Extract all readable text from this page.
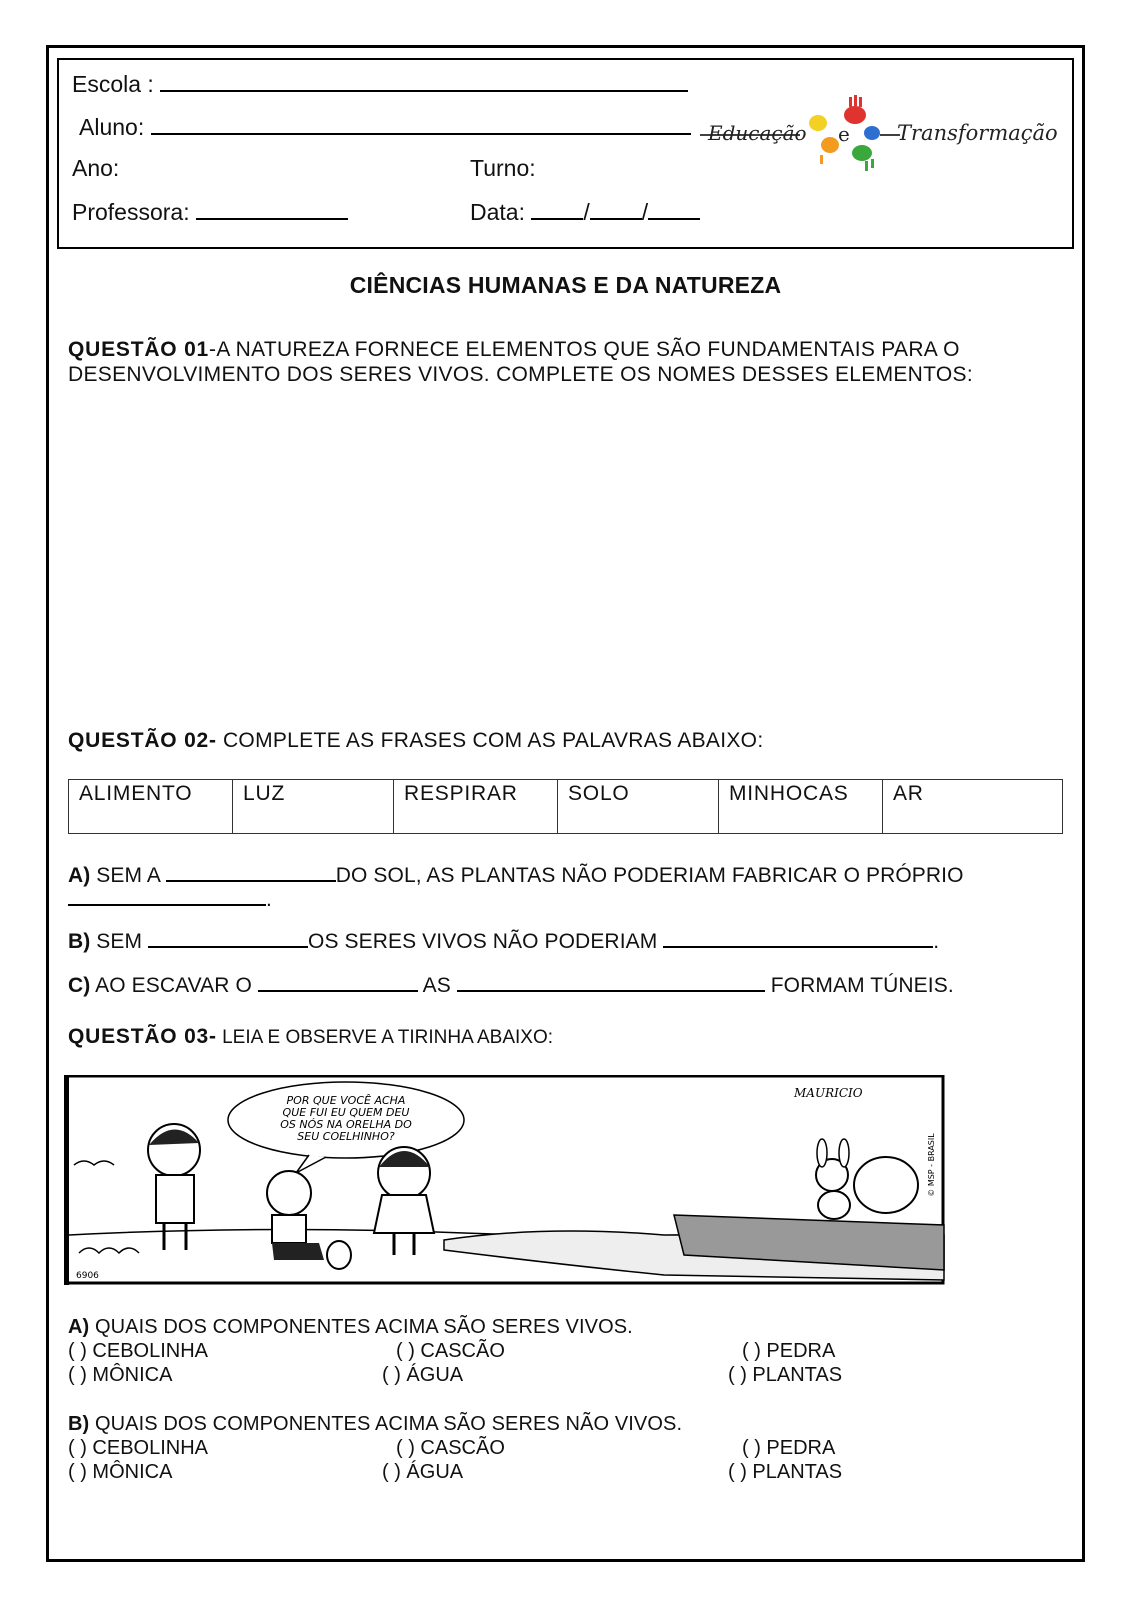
Escola :
Aluno:
Ano:	Turno:
Professora:	Data:	/ /
Educação e Transformação
CIÊNCIAS HUMANAS E DA NATUREZA
QUESTÃO 01-A NATUREZA FORNECE ELEMENTOS QUE SÃO FUNDAMENTAIS PARA O DESENVOLVIMENTO DOS SERES VIVOS. COMPLETE OS NOMES DESSES ELEMENTOS:
QUESTÃO 02- COMPLETE AS FRASES COM AS PALAVRAS ABAIXO:
ALIMENTO	LUZ	RESPIRAR	SOLO	MINHOCAS	AR
A) SEM A	DO SOL, AS PLANTAS NÃO PODERIAM FABRICAR O PRÓPRIO
.
B) SEM	OS SERES VIVOS NÃO PODERIAM	.
C) AO ESCAVAR O	AS	FORMAM TÚNEIS.
QUESTÃO 03- LEIA E OBSERVE A TIRINHA ABAIXO:
POR QUE VOCÊ ACHA
QUE FUI EU QUEM DEU
OS NÓS NA ORELHA DO
SEU COELHINHO?
MAURICIO
6906
© MSP - BRASIL
A) QUAIS DOS COMPONENTES ACIMA SÃO SERES VIVOS.
( ) CEBOLINHA	( ) CASCÃO	( ) PEDRA
( ) MÔNICA	( ) ÁGUA	( ) PLANTAS
B) QUAIS DOS COMPONENTES ACIMA SÃO SERES NÃO VIVOS.
( ) CEBOLINHA	( ) CASCÃO	( ) PEDRA
( ) MÔNICA	( ) ÁGUA	( ) PLANTAS
